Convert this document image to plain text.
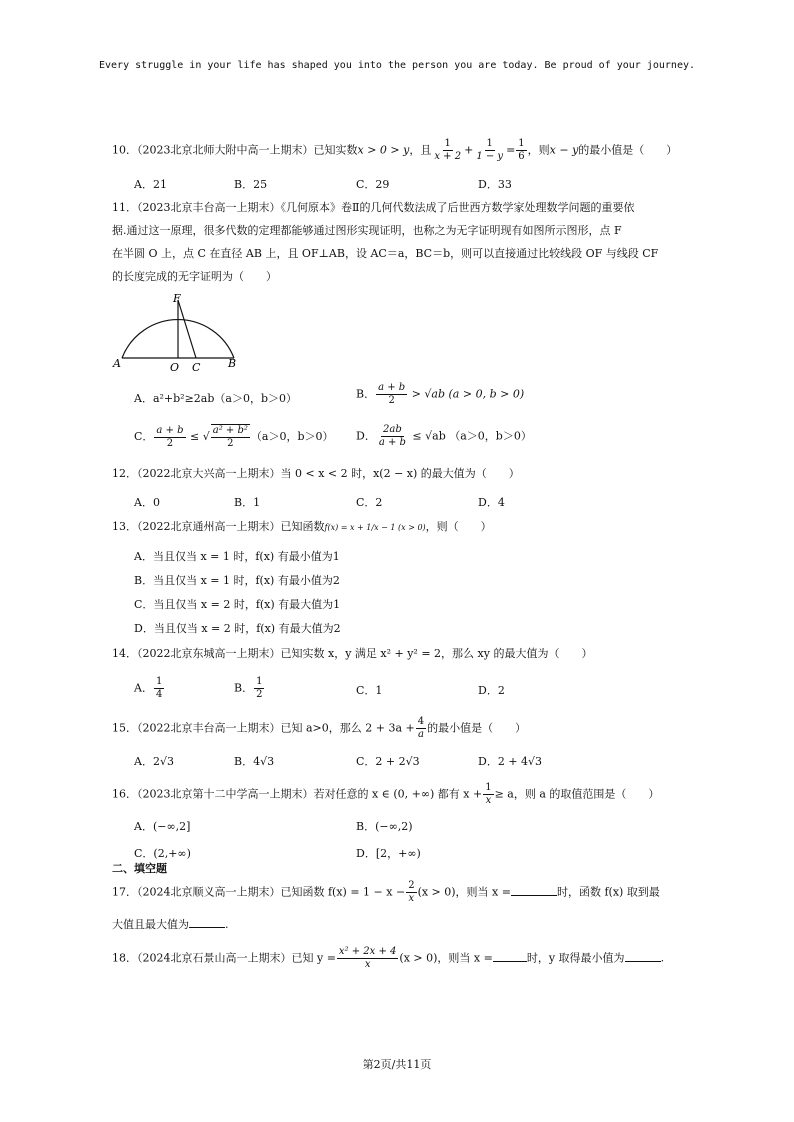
Every struggle in your life has shaped you into the person you are today. Be proud of your journey.
10．（2023北京北师大附中高一上期末）已知实数x > 0 > y，且 $\frac{1}{x + 2} + \frac{1}{1 - y} = \frac{1}{6}$ ，则x − y的最小值是（　　）
A．21	B．25	C．29	D．33
11．（2023北京丰台高一上期末）《几何原本》卷Ⅱ的几何代数法成了后世西方数学家处理数学问题的重要依
据.通过这一原理，很多代数的定理都能够通过图形实现证明，也称之为无字证明现有如图所示图形，点 F
在半圆 O 上，点 C 在直径 AB 上，且 OF⊥AB，设 AC＝a，BC＝b，则可以直接通过比较线段 OF 与线段 CF
的长度完成的无字证明为（　　）
F
A	O C	B
A．a²+b²≥2ab（a＞0，b＞0）	B． $\frac{a + b}{2} > √ab$ (a > 0, b > 0)
C． $\frac{a + b}{2}$ ≤ √ $\frac{\text{a² + b²}}{2} (a>0$，b＞0） D． $\frac{2ab}{a + b} \le √ab$ （a＞0，b＞0）
12．（2022北京大兴高一上期末）当 0 < x < 2 时，x(2 − x) 的最大值为（　　）
A．0	B．1	C．2	D．4
13．（2022北京通州高一上期末）已知函数f(x) = x + 1/x − 1 (x > 0)，则（　　）
A．当且仅当 x = 1 时，f(x) 有最小值为1
B．当且仅当 x = 1 时，f(x) 有最小值为2
C．当且仅当 x = 2 时，f(x) 有最大值为1
D．当且仅当 x = 2 时，f(x) 有最大值为2
14．（2022北京东城高一上期末）已知实数 x，y 满足 x² + y² = 2，那么 xy 的最大值为（　　）
A． $\frac{1}{4}$	B． $\frac{1}{2}$	C．1	D．2
15．（2022北京丰台高一上期末）已知 a>0，那么 $2 + 3a + \frac{4}{a}$ 的最小值是（　　）
A．2√3	B．4√3	C．2 + 2√3	D．2 + 4√3
16．（2023北京第十二中学高一上期末）若对任意的 x ∈ (0, +∞) 都有 $x + \frac{1}{x} \ge a$，则 a 的取值范围是（　　）
A．(−∞,2]	B．(−∞,2)
C．(2,+∞)	D．[2，+∞)
二、填空题
17．（2024北京顺义高一上期末）已知函数 $f(x) = 1 - x - \frac{2}{x} (x > 0)$，则当 x =	时，函数 f(x) 取到最
大值且最大值为	.
18．（2024北京石景山高一上期末）已知 $y = \frac{\text{x² + 2x + 4}}{x} (x > 0)$，则当 x =	时，y 取得最小值为	.
第2页/共11页
